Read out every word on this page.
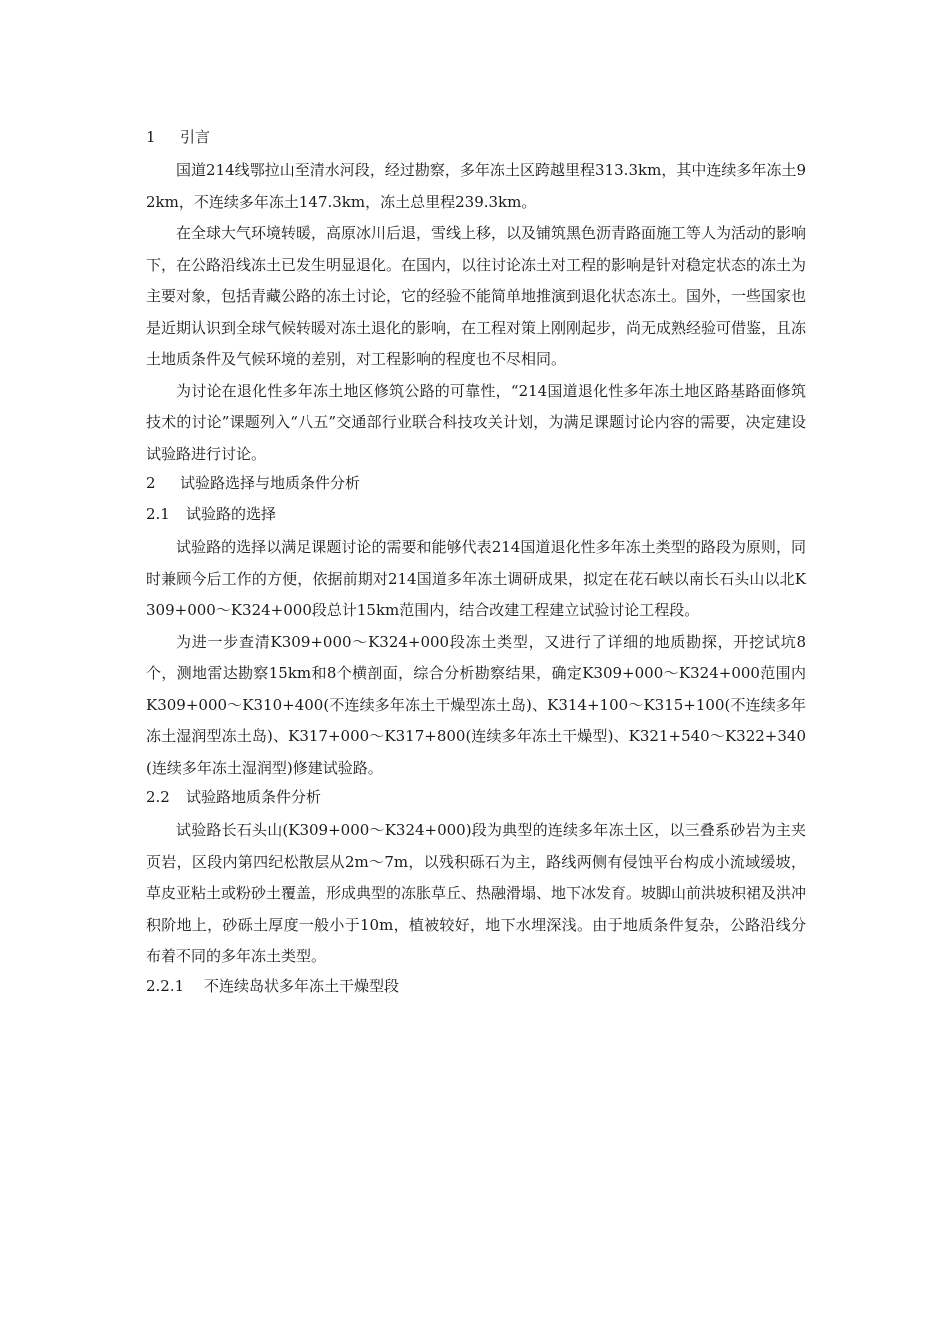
1 引言

国道214线鄂拉山至清水河段，经过勘察，多年冻土区跨越里程313.3km，其中连续多年冻土92km，不连续多年冻土147.3km，冻土总里程239.3km。

在全球大气环境转暖，高原冰川后退，雪线上移，以及铺筑黑色沥青路面施工等人为活动的影响下，在公路沿线冻土已发生明显退化。在国内，以往讨论冻土对工程的影响是针对稳定状态的冻土为主要对象，包括青藏公路的冻土讨论，它的经验不能简单地推演到退化状态冻土。国外，一些国家也是近期认识到全球气候转暖对冻土退化的影响，在工程对策上刚刚起步，尚无成熟经验可借鉴，且冻土地质条件及气候环境的差别，对工程影响的程度也不尽相同。

为讨论在退化性多年冻土地区修筑公路的可靠性，“214国道退化性多年冻土地区路基路面修筑技术的讨论”课题列入“八五”交通部行业联合科技攻关计划，为满足课题讨论内容的需要，决定建设试验路进行讨论。

2 试验路选择与地质条件分析
2.1 试验路的选择

试验路的选择以满足课题讨论的需要和能够代表214国道退化性多年冻土类型的路段为原则，同时兼顾今后工作的方便，依据前期对214国道多年冻土调研成果，拟定在花石峡以南长石头山以北K309+000～K324+000段总计15km范围内，结合改建工程建立试验讨论工程段。

为进一步查清K309+000～K324+000段冻土类型，又进行了详细的地质勘探，开挖试坑8个，测地雷达勘察15km和8个横剖面，综合分析勘察结果，确定K309+000～K324+000范围内K309+000～K310+400(不连续多年冻土干燥型冻土岛)、K314+100～K315+100(不连续多年冻土湿润型冻土岛)、K317+000～K317+800(连续多年冻土干燥型)、K321+540～K322+340(连续多年冻土湿润型)修建试验路。

2.2 试验路地质条件分析

试验路长石头山(K309+000～K324+000)段为典型的连续多年冻土区，以三叠系砂岩为主夹页岩，区段内第四纪松散层从2m～7m，以残积砾石为主，路线两侧有侵蚀平台构成小流域缓坡，草皮亚粘土或粉砂土覆盖，形成典型的冻胀草丘、热融滑塌、地下冰发育。坡脚山前洪坡积裙及洪冲积阶地上，砂砾土厚度一般小于10m，植被较好，地下水埋深浅。由于地质条件复杂，公路沿线分布着不同的多年冻土类型。

2.2.1 不连续岛状多年冻土干燥型段
